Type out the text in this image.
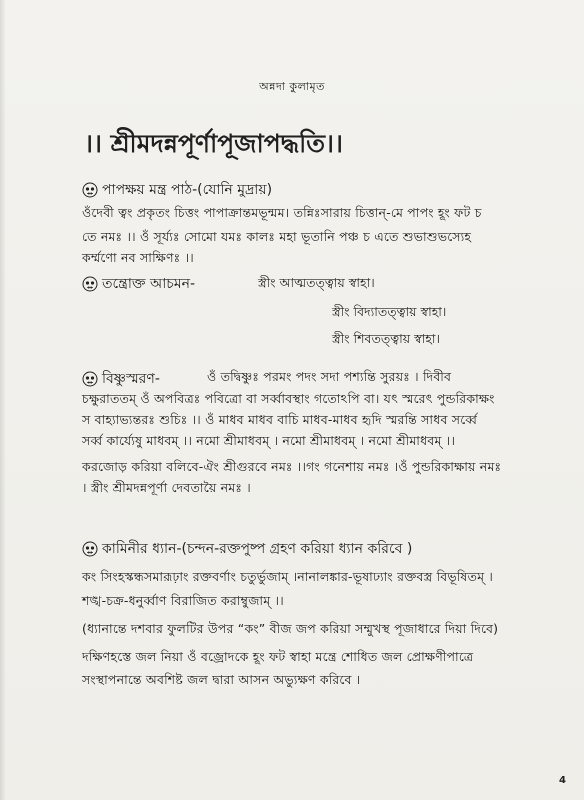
অন্নদা কুলামৃত
।। শ্রীমদন্নপূর্ণাপূজাপদ্ধতি।।
পাপক্ষয় মন্ত্র পাঠ-(যোনি মুদ্রায়)
ওঁদেবী ত্বং প্রকৃতং চিত্তং পাপাক্রান্তমভূন্মম। তন্নিঃসারায় চিত্তান্-মে পাপং হূং ফট চ
তে নমঃ ।। ওঁ সূর্য্যঃ সোমো যমঃ কালঃ মহা ভূতানি পঞ্চ চ এতে শুভাশুভস্যেহ
কর্ম্মণো নব সাক্ষিণঃ ।।
তন্ত্রোক্ত আচমন-	স্ত্রীং আত্মতত্ত্বায় স্বাহা।
স্ত্রীং বিদ্যাতত্ত্বায় স্বাহা।
স্ত্রীং শিবতত্ত্বায় স্বাহা।
বিষ্ণুস্মরণ-	ওঁ তদ্বিষ্ণুঃ পরমং পদং সদা পশ্যন্তি সুরয়ঃ । দিবীব
চক্ষুরাততম্‌ ওঁ অপবিত্রঃ পবিত্রো বা সর্ব্বাবস্থাং গতোঽপি বা। যৎ স্মরেৎ পুন্ডরিকাক্ষং
স বাহ্যাভ্যন্তরঃ শুচিঃ ।। ওঁ মাধব মাধব বাচি মাধব-মাধব হৃদি স্মরন্তি সাধব সর্ব্বে
সর্ব্ব কার্য্যেষু মাধবম্‌ ।। নমো শ্রীমাধবম্‌ । নমো শ্রীমাধবম্‌ । নমো শ্রীমাধবম্‌ ।।
করজোড় করিয়া বলিবে-ঐং শ্রীগুরবে নমঃ ।।গং গনেশায় নমঃ ।ওঁ পুন্ডরিকাক্ষায় নমঃ
। স্ত্রীং শ্রীমদন্নপূর্ণা দেবতায়ৈ নমঃ ।
কামিনীর ধ্যান-(চন্দন-রক্তপুষ্প গ্রহণ করিয়া ধ্যান করিবে )
কং সিংহস্কন্ধসমারূঢ়াং রক্তবর্ণাং চতুর্ভুজাম্‌ ।নানালঙ্কার-ভূষাঢ্যাং রক্তবস্ত্র বিভূষিতম্‌ ।
শঙ্খ-চক্র-ধনুর্ব্বাণ বিরাজিত করাম্বুজাম্‌ ।।
(ধ্যানান্তে দশবার ফুলটির উপর “কং” বীজ জপ করিয়া সম্মুখস্থ পূজাধারে দিয়া দিবে)
দক্ষিণহস্তে জল নিয়া ওঁ বজ্রোদকে হূং ফট স্বাহা মন্ত্রে শোধিত জল প্রোক্ষণীপাত্রে
সংস্থাপনান্তে অবশিষ্ট জল দ্বারা আসন অভ্যুক্ষণ করিবে ।
4
